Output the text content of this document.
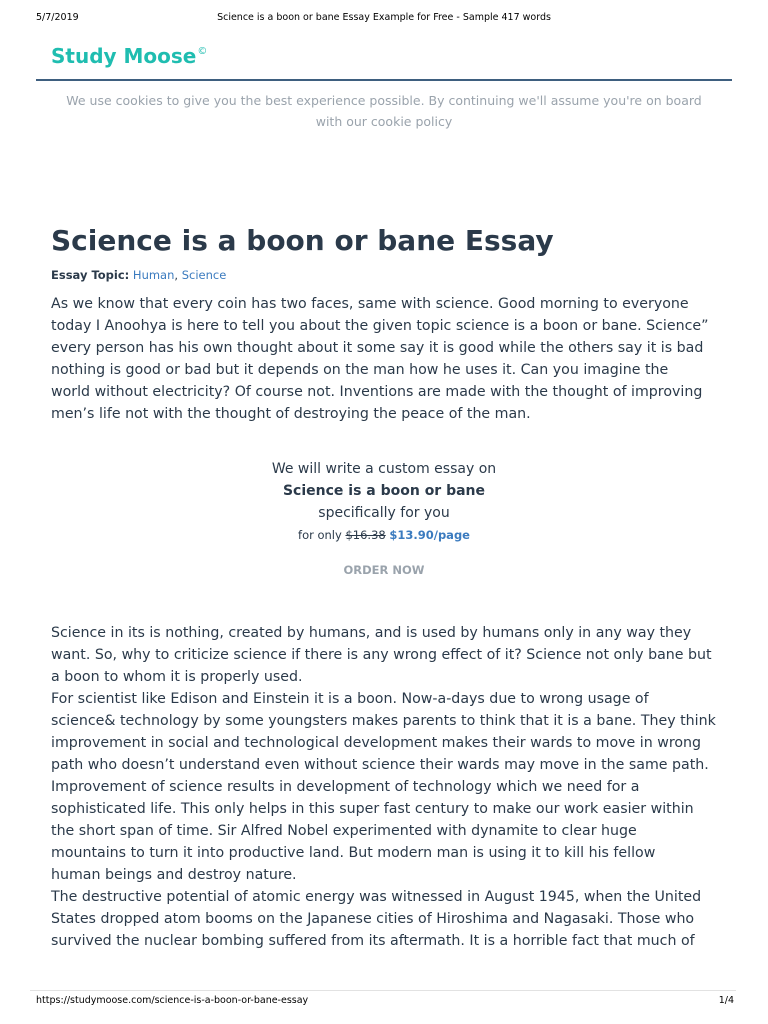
5/7/2019	Science is a boon or bane Essay Example for Free - Sample 417 words
Study Moose©
We use cookies to give you the best experience possible. By continuing we'll assume you're on board
with our cookie policy
Science is a boon or bane Essay
Essay Topic: Human, Science

As we know that every coin has two faces, same with science. Good morning to everyone
today I Anoohya is here to tell you about the given topic science is a boon or bane. Science”
every person has his own thought about it some say it is good while the others say it is bad
nothing is good or bad but it depends on the man how he uses it. Can you imagine the
world without electricity? Of course not. Inventions are made with the thought of improving
men’s life not with the thought of destroying the peace of the man.

We will write a custom essay on
Science is a boon or bane
specifically for you
for only $16.38 $13.90/page
ORDER NOW

Science in its is nothing, created by humans, and is used by humans only in any way they
want. So, why to criticize science if there is any wrong effect of it? Science not only bane but
a boon to whom it is properly used.
For scientist like Edison and Einstein it is a boon. Now-a-days due to wrong usage of
science& technology by some youngsters makes parents to think that it is a bane. They think
improvement in social and technological development makes their wards to move in wrong
path who doesn’t understand even without science their wards may move in the same path.
Improvement of science results in development of technology which we need for a
sophisticated life. This only helps in this super fast century to make our work easier within
the short span of time. Sir Alfred Nobel experimented with dynamite to clear huge
mountains to turn it into productive land. But modern man is using it to kill his fellow
human beings and destroy nature.
The destructive potential of atomic energy was witnessed in August 1945, when the United
States dropped atom booms on the Japanese cities of Hiroshima and Nagasaki. Those who
survived the nuclear bombing suffered from its aftermath. It is a horrible fact that much of

https://studymoose.com/science-is-a-boon-or-bane-essay	1/4
